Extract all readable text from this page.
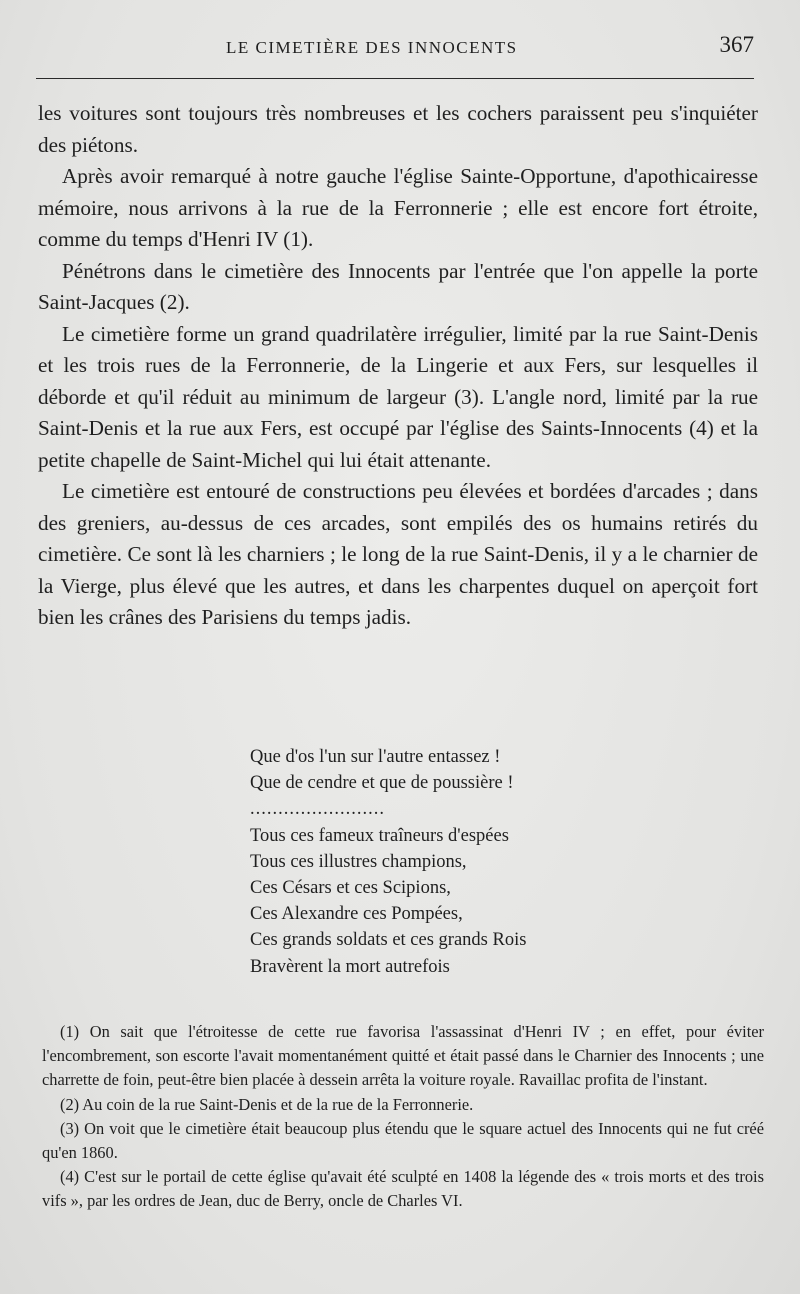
LE CIMETIÈRE DES INNOCENTS	367

les voitures sont toujours très nombreuses et les cochers paraissent peu s'inquiéter des piétons.

Après avoir remarqué à notre gauche l'église Sainte-Opportune, d'apothicairesse mémoire, nous arrivons à la rue de la Ferronnerie ; elle est encore fort étroite, comme du temps d'Henri IV (1).

Pénétrons dans le cimetière des Innocents par l'entrée que l'on appelle la porte Saint-Jacques (2).

Le cimetière forme un grand quadrilatère irrégulier, limité par la rue Saint-Denis et les trois rues de la Ferronnerie, de la Lingerie et aux Fers, sur lesquelles il déborde et qu'il réduit au minimum de largeur (3). L'angle nord, limité par la rue Saint-Denis et la rue aux Fers, est occupé par l'église des Saints-Innocents (4) et la petite chapelle de Saint-Michel qui lui était attenante.

Le cimetière est entouré de constructions peu élevées et bordées d'arcades ; dans des greniers, au-dessus de ces arcades, sont empilés des os humains retirés du cimetière. Ce sont là les charniers ; le long de la rue Saint-Denis, il y a le charnier de la Vierge, plus élevé que les autres, et dans les charpentes duquel on aperçoit fort bien les crânes des Parisiens du temps jadis.

Que d'os l'un sur l'autre entassez !
Que de cendre et que de poussière !
........................
Tous ces fameux traîneurs d'espées
Tous ces illustres champions,
Ces Césars et ces Scipions,
Ces Alexandre ces Pompées,
Ces grands soldats et ces grands Rois
Bravèrent la mort autrefois

(1) On sait que l'étroitesse de cette rue favorisa l'assassinat d'Henri IV ; en effet, pour éviter l'encombrement, son escorte l'avait momentanément quitté et était passé dans le Charnier des Innocents ; une charrette de foin, peut-être bien placée à dessein arrêta la voiture royale. Ravaillac profita de l'instant.

(2) Au coin de la rue Saint-Denis et de la rue de la Ferronnerie.

(3) On voit que le cimetière était beaucoup plus étendu que le square actuel des Innocents qui ne fut créé qu'en 1860.

(4) C'est sur le portail de cette église qu'avait été sculpté en 1408 la légende des « trois morts et des trois vifs », par les ordres de Jean, duc de Berry, oncle de Charles VI.
